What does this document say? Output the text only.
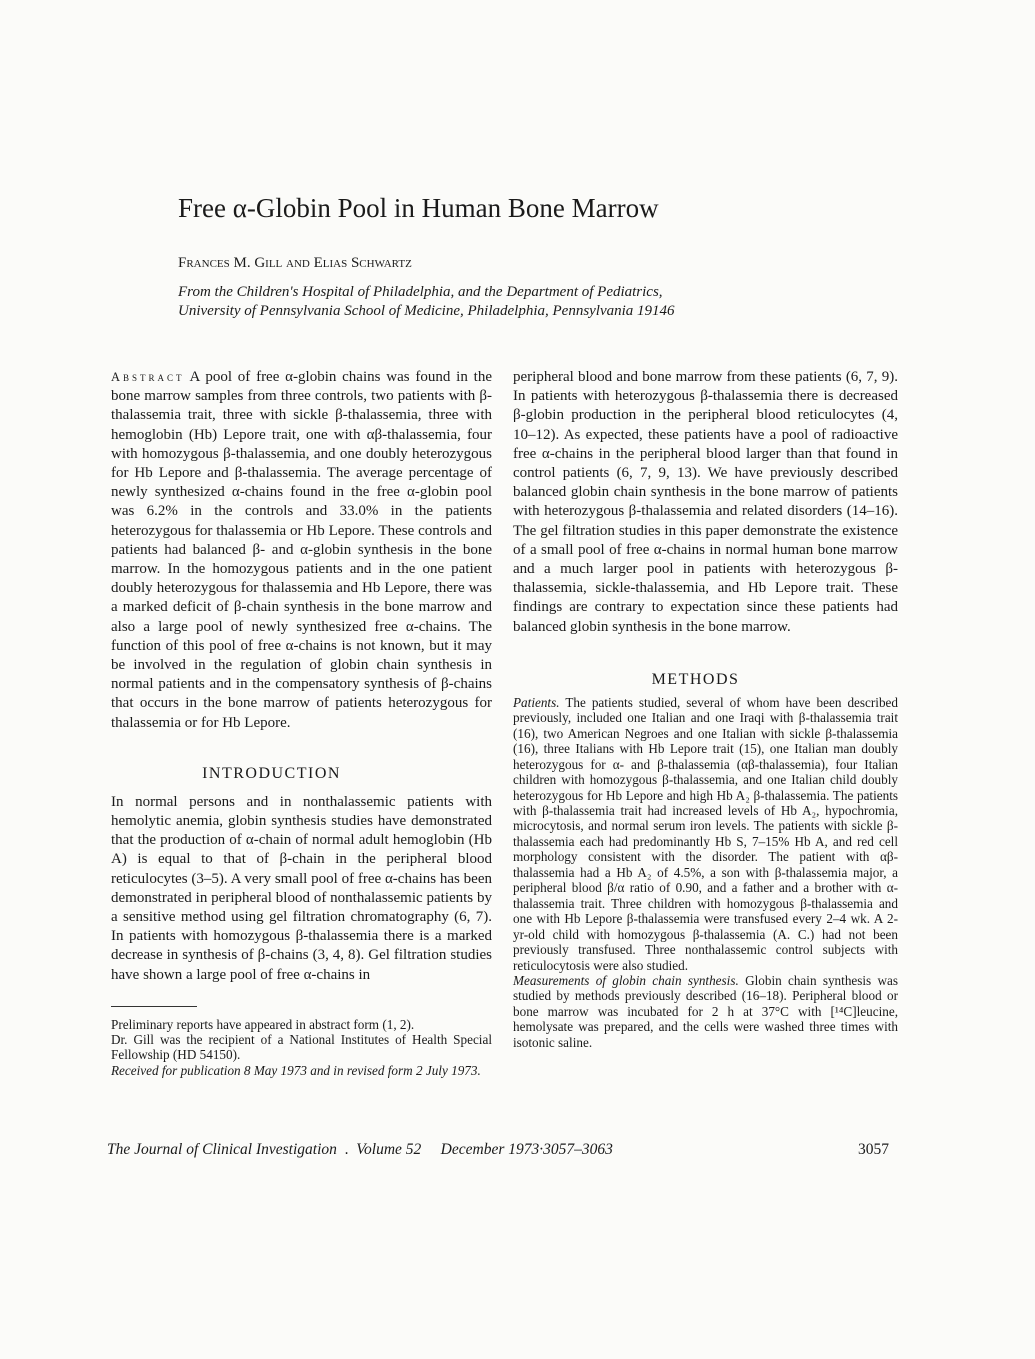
Free α-Globin Pool in Human Bone Marrow

Frances M. Gill and Elias Schwartz

From the Children's Hospital of Philadelphia, and the Department of Pediatrics,
University of Pennsylvania School of Medicine, Philadelphia, Pennsylvania 19146

Abstract A pool of free α-globin chains was found in the bone marrow samples from three controls, two patients with β-thalassemia trait, three with sickle β-thalassemia, three with hemoglobin (Hb) Lepore trait, one with αβ-thalassemia, four with homozygous β-thalassemia, and one doubly heterozygous for Hb Lepore and β-thalassemia. The average percentage of newly synthesized α-chains found in the free α-globin pool was 6.2% in the controls and 33.0% in the patients heterozygous for thalassemia or Hb Lepore. These controls and patients had balanced β- and α-globin synthesis in the bone marrow. In the homozygous patients and in the one patient doubly heterozygous for thalassemia and Hb Lepore, there was a marked deficit of β-chain synthesis in the bone marrow and also a large pool of newly synthesized free α-chains. The function of this pool of free α-chains is not known, but it may be involved in the regulation of globin chain synthesis in normal patients and in the compensatory synthesis of β-chains that occurs in the bone marrow of patients heterozygous for thalassemia or for Hb Lepore.

INTRODUCTION

In normal persons and in nonthalassemic patients with hemolytic anemia, globin synthesis studies have demonstrated that the production of α-chain of normal adult hemoglobin (Hb A) is equal to that of β-chain in the peripheral blood reticulocytes (3–5). A very small pool of free α-chains has been demonstrated in peripheral blood of nonthalassemic patients by a sensitive method using gel filtration chromatography (6, 7). In patients with homozygous β-thalassemia there is a marked decrease in synthesis of β-chains (3, 4, 8). Gel filtration studies have shown a large pool of free α-chains in

Preliminary reports have appeared in abstract form (1, 2).

Dr. Gill was the recipient of a National Institutes of Health Special Fellowship (HD 54150).

Received for publication 8 May 1973 and in revised form 2 July 1973.

peripheral blood and bone marrow from these patients (6, 7, 9). In patients with heterozygous β-thalassemia there is decreased β-globin production in the peripheral blood reticulocytes (4, 10–12). As expected, these patients have a pool of radioactive free α-chains in the peripheral blood larger than that found in control patients (6, 7, 9, 13). We have previously described balanced globin chain synthesis in the bone marrow of patients with heterozygous β-thalassemia and related disorders (14–16). The gel filtration studies in this paper demonstrate the existence of a small pool of free α-chains in normal human bone marrow and a much larger pool in patients with heterozygous β-thalassemia, sickle-thalassemia, and Hb Lepore trait. These findings are contrary to expectation since these patients had balanced globin synthesis in the bone marrow.

METHODS

Patients. The patients studied, several of whom have been described previously, included one Italian and one Iraqi with β-thalassemia trait (16), two American Negroes and one Italian with sickle β-thalassemia (16), three Italians with Hb Lepore trait (15), one Italian man doubly heterozygous for α- and β-thalassemia (αβ-thalassemia), four Italian children with homozygous β-thalassemia, and one Italian child doubly heterozygous for Hb Lepore and high Hb A₂ β-thalassemia. The patients with β-thalassemia trait had increased levels of Hb A₂, hypochromia, microcytosis, and normal serum iron levels. The patients with sickle β-thalassemia each had predominantly Hb S, 7–15% Hb A, and red cell morphology consistent with the disorder. The patient with αβ-thalassemia had a Hb A₂ of 4.5%, a son with β-thalassemia major, a peripheral blood β/α ratio of 0.90, and a father and a brother with α-thalassemia trait. Three children with homozygous β-thalassemia and one with Hb Lepore β-thalassemia were transfused every 2–4 wk. A 2-yr-old child with homozygous β-thalassemia (A. C.) had not been previously transfused. Three nonthalassemic control subjects with reticulocytosis were also studied.

Measurements of globin chain synthesis. Globin chain synthesis was studied by methods previously described (16–18). Peripheral blood or bone marrow was incubated for 2 h at 37°C with [¹⁴C]leucine, hemolysate was prepared, and the cells were washed three times with isotonic saline.

The Journal of Clinical Investigation  .  Volume 52 December 1973·3057–3063	3057
